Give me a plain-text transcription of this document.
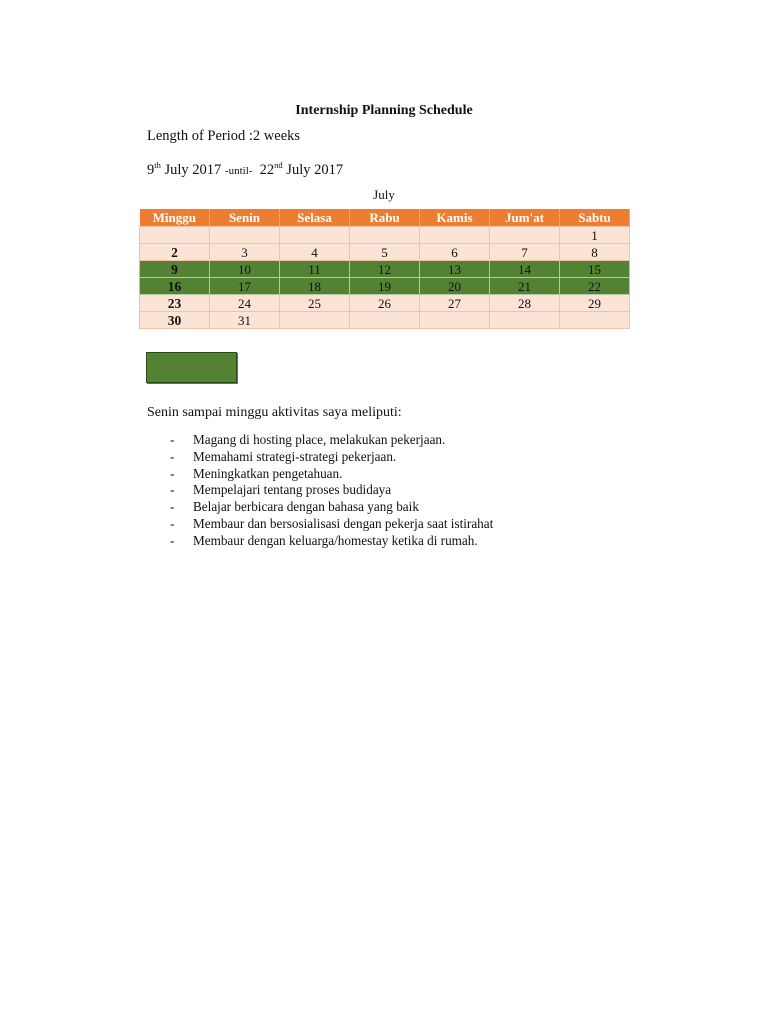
Internship Planning Schedule
Length of Period :2 weeks
9th July 2017 -until- 22nd July 2017
July
Minggu	Senin	Selasa	Rabu	Kamis	Jum'at	Sabtu
						1
2	3	4	5	6	7	8
9	10	11	12	13	14	15
16	17	18	19	20	21	22
23	24	25	26	27	28	29
30	31					
Senin sampai minggu aktivitas saya meliputi:
- Magang di hosting place, melakukan pekerjaan.
- Memahami strategi-strategi pekerjaan.
- Meningkatkan pengetahuan.
- Mempelajari tentang proses budidaya
- Belajar berbicara dengan bahasa yang baik
- Membaur dan bersosialisasi dengan pekerja saat istirahat
- Membaur dengan keluarga/homestay ketika di rumah.
